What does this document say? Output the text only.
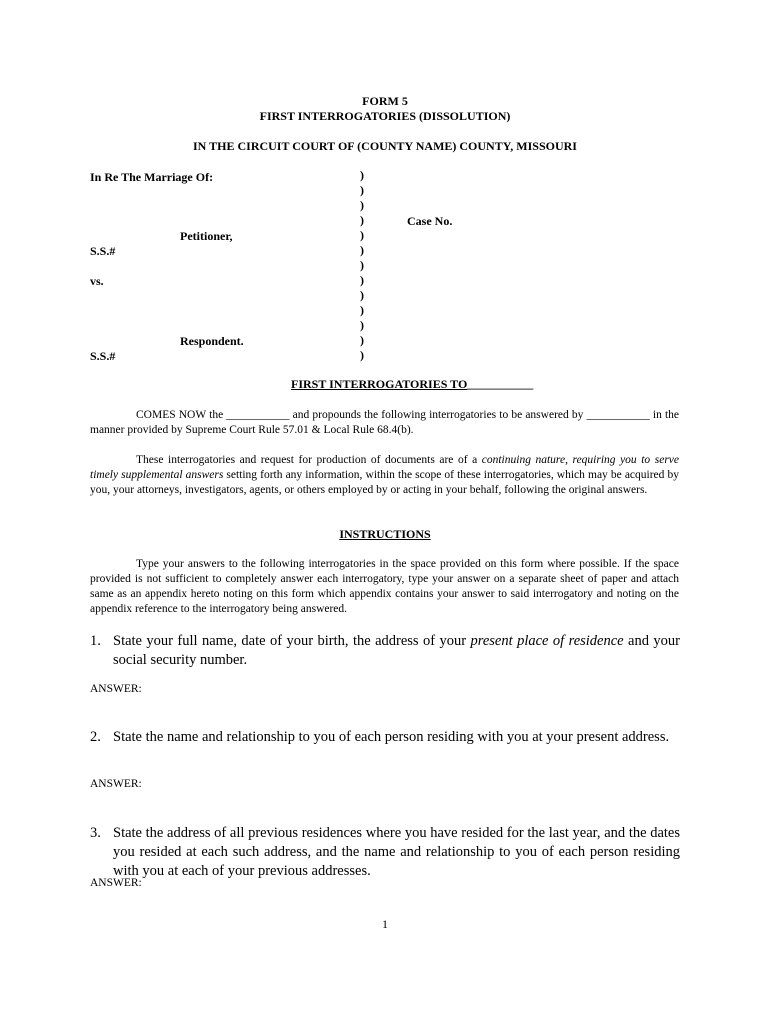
FORM 5
FIRST INTERROGATORIES (DISSOLUTION)
IN THE CIRCUIT COURT OF (COUNTY NAME) COUNTY, MISSOURI
In Re The Marriage Of:
Petitioner,
S.S.#
vs.
Respondent.
S.S.#
Case No.
)
)
)
)
)
)
)
)
)
)
)
)
)
FIRST INTERROGATORIES TO___________
COMES NOW the ___________ and propounds the following interrogatories to be answered by ___________ in the manner provided by Supreme Court Rule 57.01 & Local Rule 68.4(b).
These interrogatories and request for production of documents are of a continuing nature, requiring you to serve timely supplemental answers setting forth any information, within the scope of these interrogatories, which may be acquired by you, your attorneys, investigators, agents, or others employed by or acting in your behalf, following the original answers.
INSTRUCTIONS
Type your answers to the following interrogatories in the space provided on this form where possible. If the space provided is not sufficient to completely answer each interrogatory, type your answer on a separate sheet of paper and attach same as an appendix hereto noting on this form which appendix contains your answer to said interrogatory and noting on the appendix reference to the interrogatory being answered.
1. State your full name, date of your birth, the address of your present place of residence and your social security number.
ANSWER:
2. State the name and relationship to you of each person residing with you at your present address.
ANSWER:
3. State the address of all previous residences where you have resided for the last year, and the dates you resided at each such address, and the name and relationship to you of each person residing with you at each of your previous addresses.
ANSWER:
1
